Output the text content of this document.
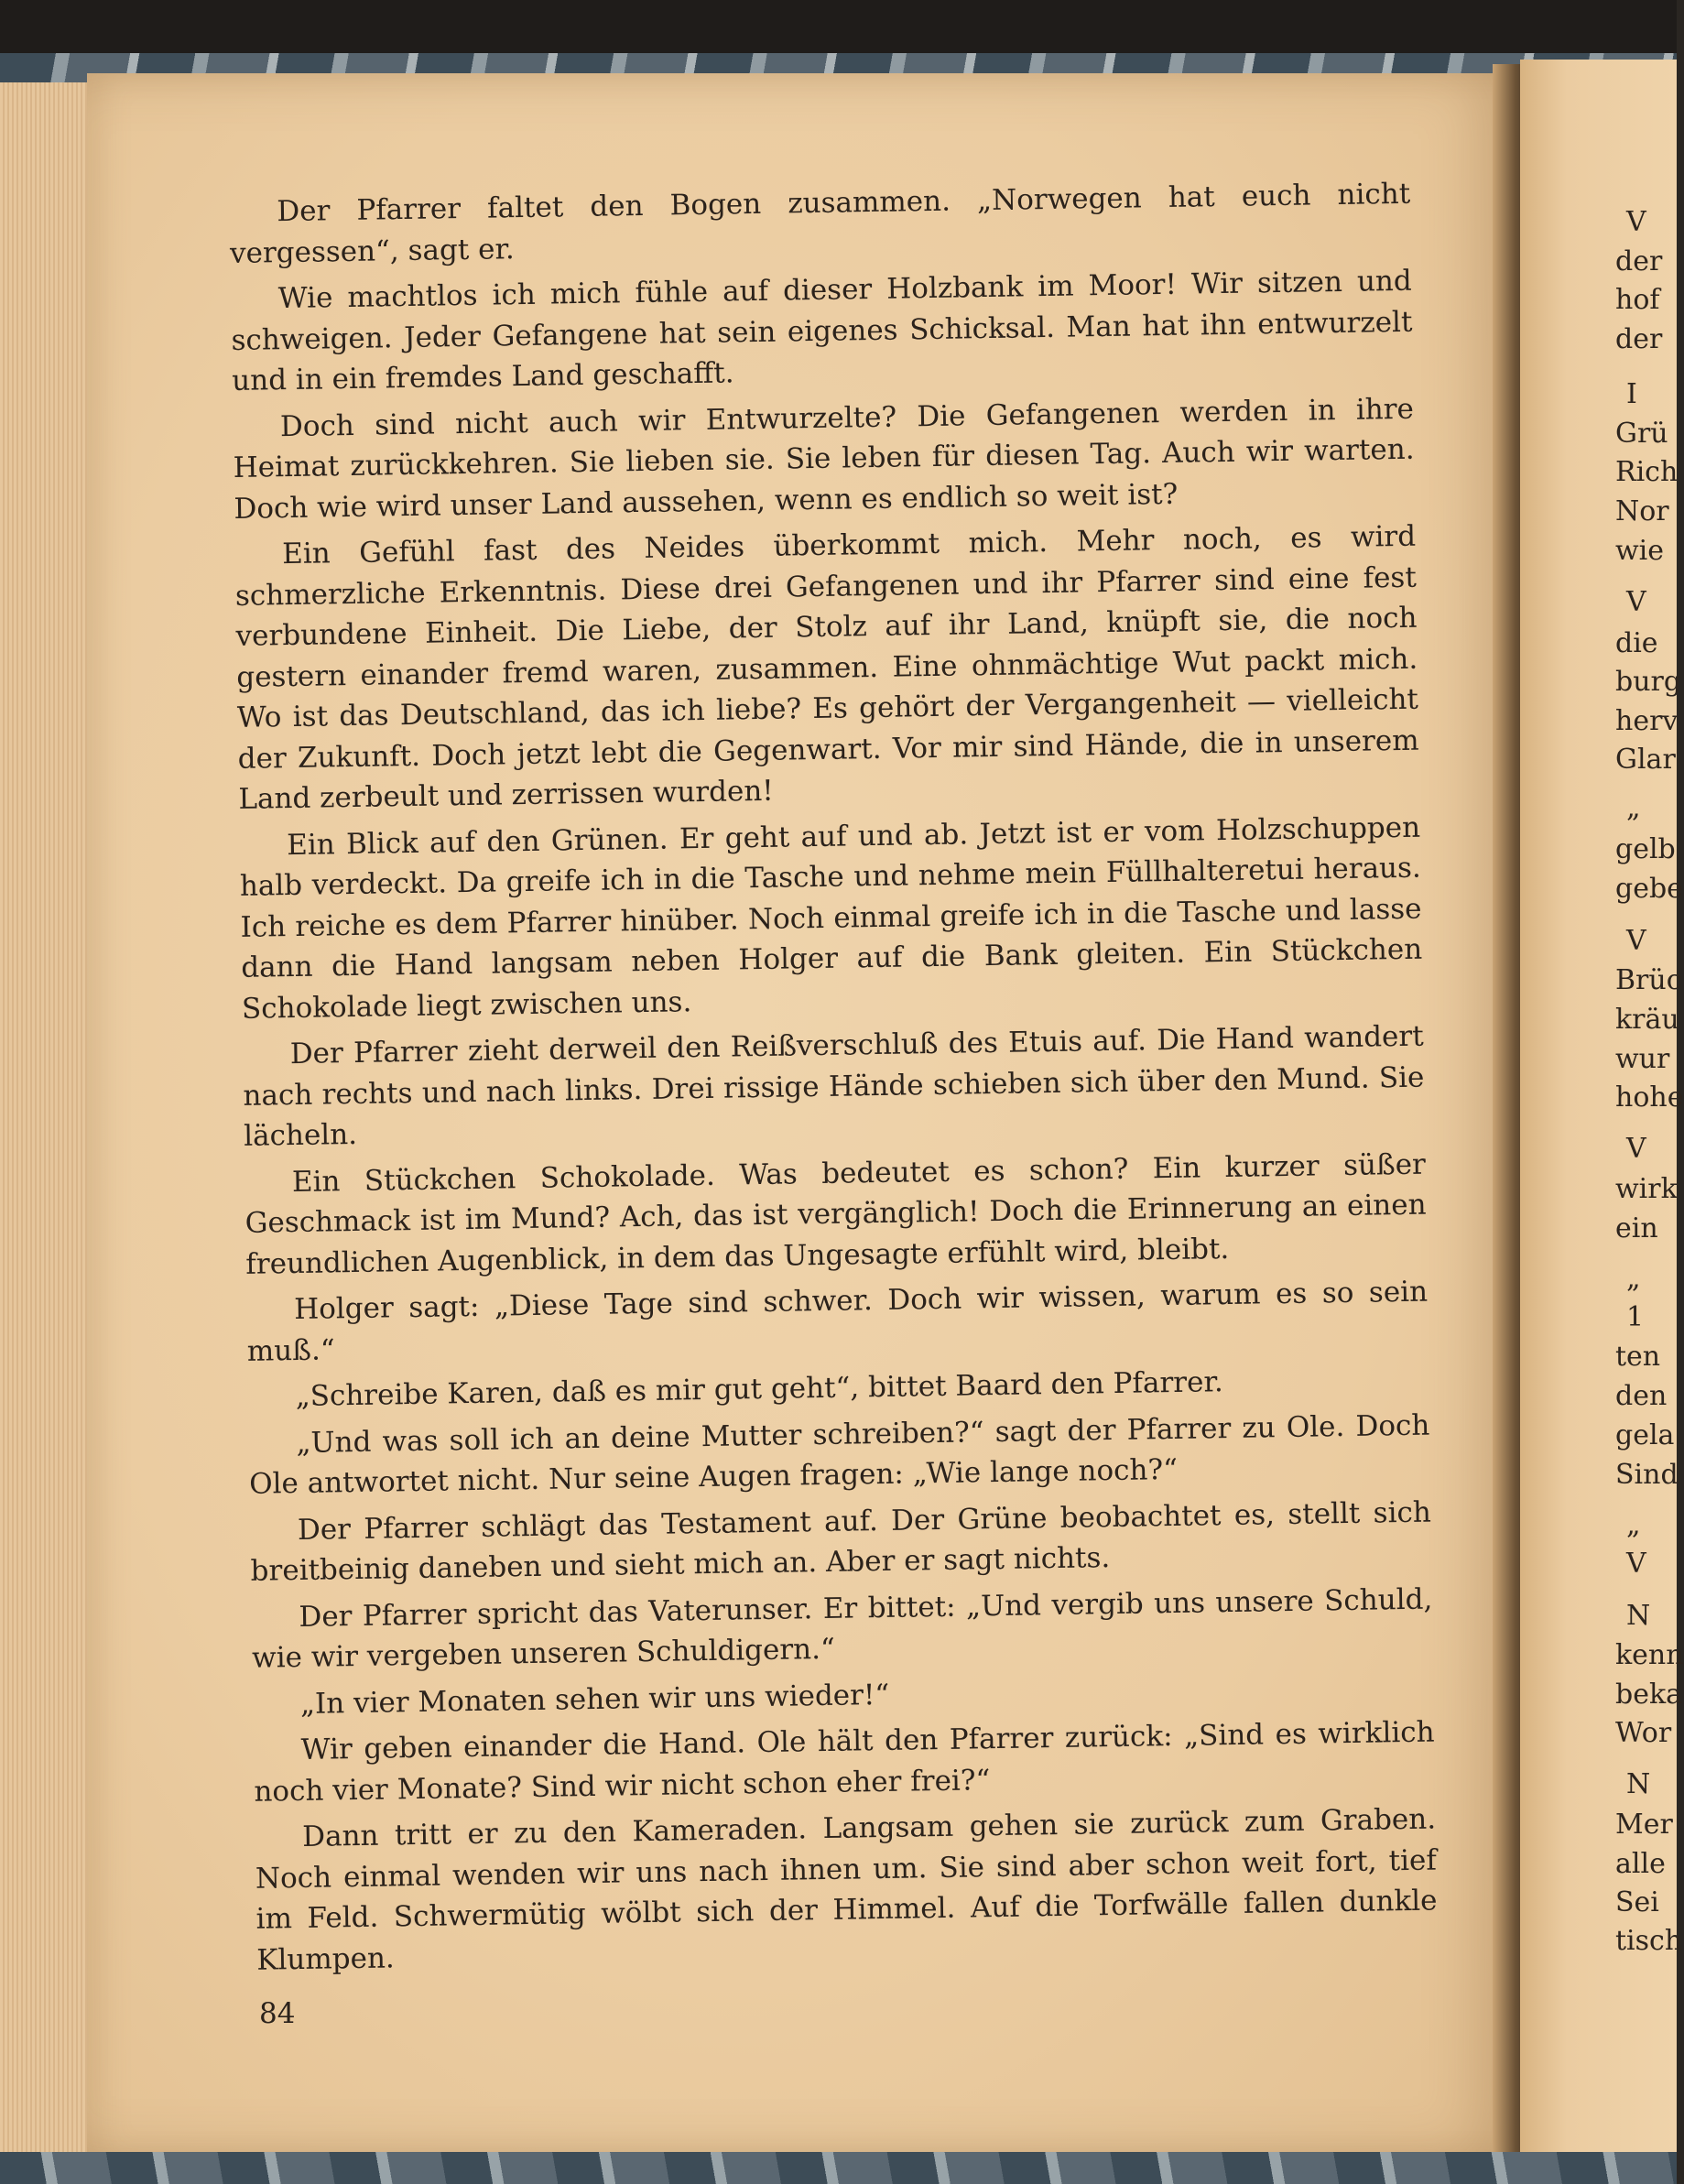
Der Pfarrer faltet den Bogen zusammen. „Norwegen hat euch nicht vergessen“, sagt er.

Wie machtlos ich mich fühle auf dieser Holzbank im Moor! Wir sitzen und schweigen. Jeder Gefangene hat sein eigenes Schicksal. Man hat ihn entwurzelt und in ein fremdes Land geschafft.

Doch sind nicht auch wir Entwurzelte? Die Gefangenen werden in ihre Heimat zurückkehren. Sie lieben sie. Sie leben für diesen Tag. Auch wir warten. Doch wie wird unser Land aussehen, wenn es endlich so weit ist?

Ein Gefühl fast des Neides überkommt mich. Mehr noch, es wird schmerzliche Erkenntnis. Diese drei Gefangenen und ihr Pfarrer sind eine fest verbundene Einheit. Die Liebe, der Stolz auf ihr Land, knüpft sie, die noch gestern einander fremd waren, zusammen. Eine ohnmächtige Wut packt mich. Wo ist das Deutschland, das ich liebe? Es gehört der Vergangenheit — vielleicht der Zukunft. Doch jetzt lebt die Gegenwart. Vor mir sind Hände, die in unserem Land zerbeult und zerrissen wurden!

Ein Blick auf den Grünen. Er geht auf und ab. Jetzt ist er vom Holzschuppen halb verdeckt. Da greife ich in die Tasche und nehme mein Füllhalteretui heraus. Ich reiche es dem Pfarrer hinüber. Noch einmal greife ich in die Tasche und lasse dann die Hand langsam neben Holger auf die Bank gleiten. Ein Stückchen Schokolade liegt zwischen uns.

Der Pfarrer zieht derweil den Reißverschluß des Etuis auf. Die Hand wandert nach rechts und nach links. Drei rissige Hände schieben sich über den Mund. Sie lächeln.

Ein Stückchen Schokolade. Was bedeutet es schon? Ein kurzer süßer Geschmack ist im Mund? Ach, das ist vergänglich! Doch die Erinnerung an einen freundlichen Augenblick, in dem das Ungesagte erfühlt wird, bleibt.

Holger sagt: „Diese Tage sind schwer. Doch wir wissen, warum es so sein muß.“

„Schreibe Karen, daß es mir gut geht“, bittet Baard den Pfarrer.

„Und was soll ich an deine Mutter schreiben?“ sagt der Pfarrer zu Ole. Doch Ole antwortet nicht. Nur seine Augen fragen: „Wie lange noch?“

Der Pfarrer schlägt das Testament auf. Der Grüne beobachtet es, stellt sich breitbeinig daneben und sieht mich an. Aber er sagt nichts.

Der Pfarrer spricht das Vaterunser. Er bittet: „Und vergib uns unsere Schuld, wie wir vergeben unseren Schuldigern.“

„In vier Monaten sehen wir uns wieder!“

Wir geben einander die Hand. Ole hält den Pfarrer zurück: „Sind es wirklich noch vier Monate? Sind wir nicht schon eher frei?“

Dann tritt er zu den Kameraden. Langsam gehen sie zurück zum Graben. Noch einmal wenden wir uns nach ihnen um. Sie sind aber schon weit fort, tief im Feld. Schwermütig wölbt sich der Himmel. Auf die Torfwälle fallen dunkle Klumpen.

84
V
der
hof
der
I
Grü
Rich
Nor
wie
V
die
burg
herv
Glar
„
gelb
gebe
V
Brüc
kräu
wur
hohe
V
wirk
ein
„
1
ten
den
gela
Sind
„
V
N
kenn
beka
Wor
N
Mer
alle
Sei
tisch
